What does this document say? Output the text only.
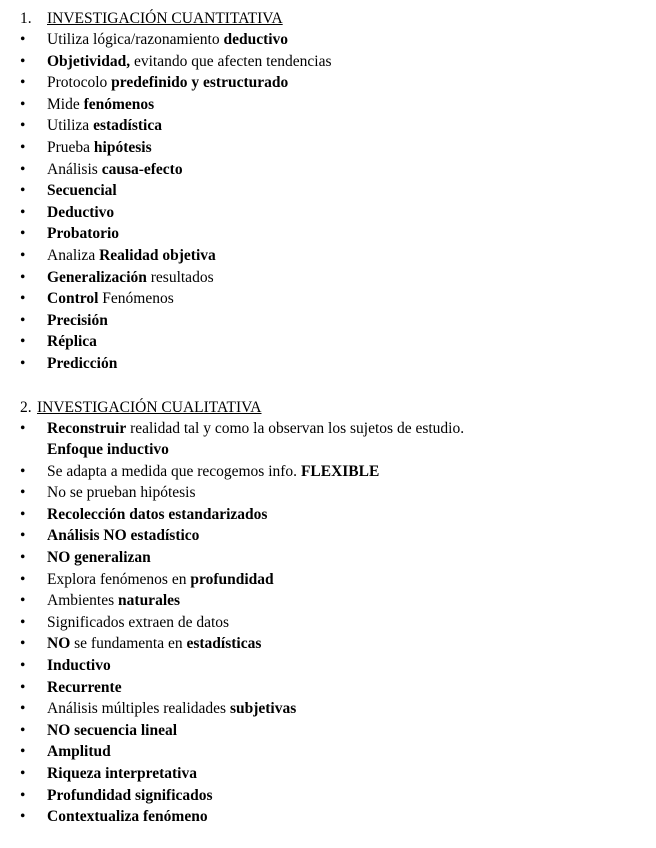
1. INVESTIGACIÓN CUANTITATIVA
• Utiliza lógica/razonamiento deductivo
• Objetividad, evitando que afecten tendencias
• Protocolo predefinido y estructurado
• Mide fenómenos
• Utiliza estadística
• Prueba hipótesis
• Análisis causa-efecto
• Secuencial
• Deductivo
• Probatorio
• Analiza Realidad objetiva
• Generalización resultados
• Control Fenómenos
• Precisión
• Réplica
• Predicción
2. INVESTIGACIÓN CUALITATIVA
• Reconstruir realidad tal y como la observan los sujetos de estudio. Enfoque inductivo
• Se adapta a medida que recogemos info. FLEXIBLE
• No se prueban hipótesis
• Recolección datos estandarizados
• Análisis NO estadístico
• NO generalizan
• Explora fenómenos en profundidad
• Ambientes naturales
• Significados extraen de datos
• NO se fundamenta en estadísticas
• Inductivo
• Recurrente
• Análisis múltiples realidades subjetivas
• NO secuencia lineal
• Amplitud
• Riqueza interpretativa
• Profundidad significados
• Contextualiza fenómeno
